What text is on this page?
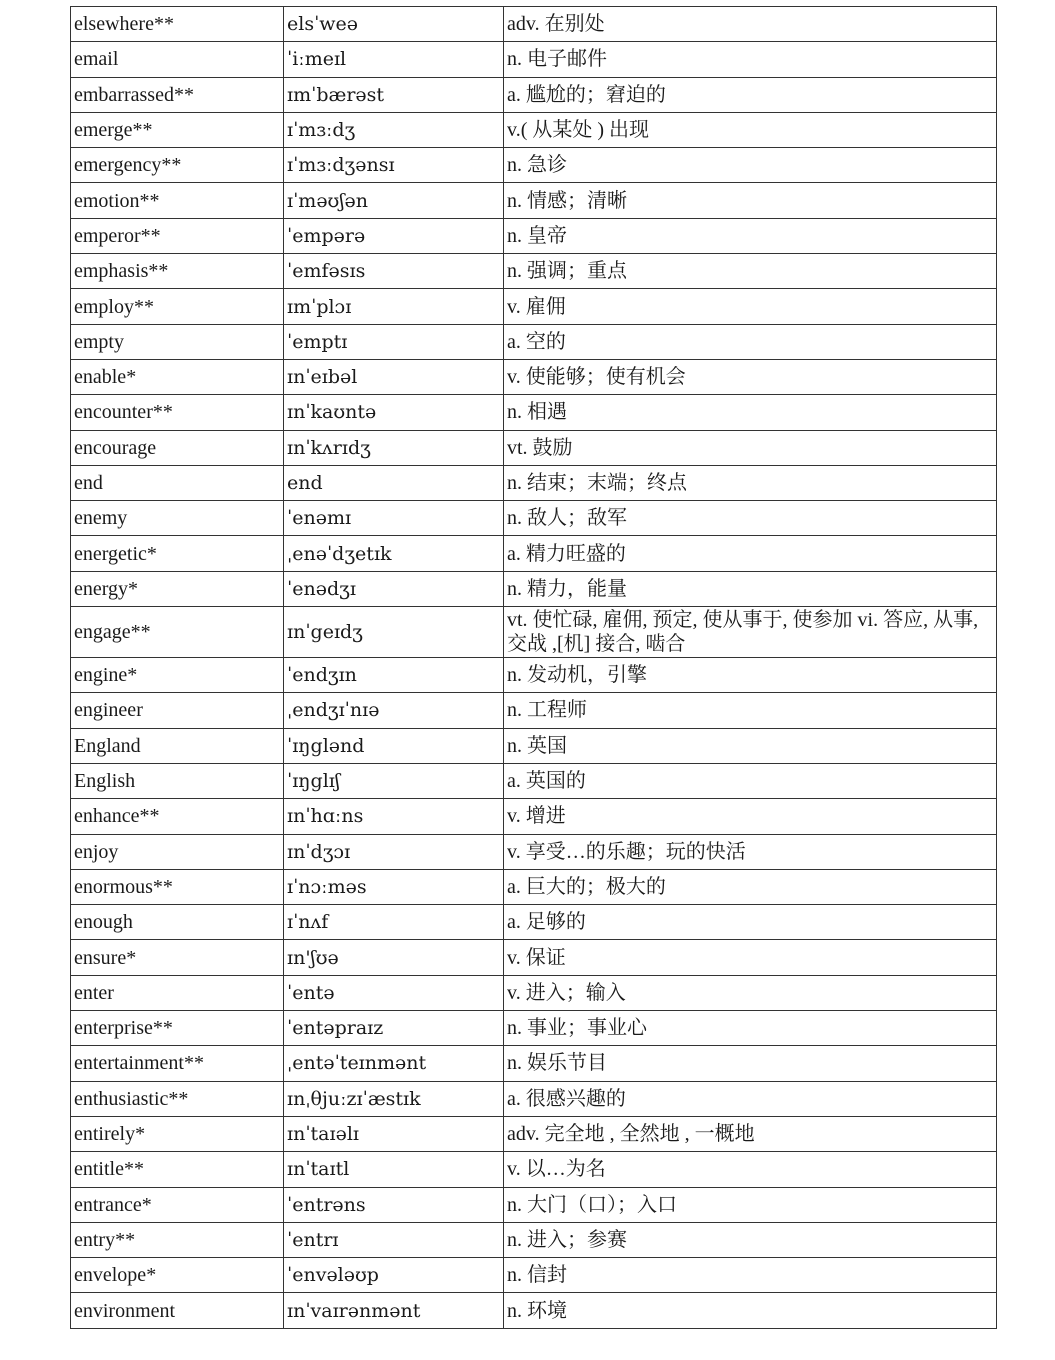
elsewhere**	elsˈweə	adv. 在别处
email	ˈiːmeɪl	n. 电子邮件
embarrassed**	ɪmˈbærəst	a. 尴尬的；窘迫的
emerge**	ɪˈmɜːdʒ	v.( 从某处 ) 出现
emergency**	ɪˈmɜːdʒənsɪ	n. 急诊
emotion**	ɪˈməʊʃən	n. 情感；清晰
emperor**	ˈempərə	n. 皇帝
emphasis**	ˈemfəsɪs	n. 强调；重点
employ**	ɪmˈplɔɪ	v. 雇佣
empty	ˈemptɪ	a. 空的
enable*	ɪnˈeɪbəl	v. 使能够；使有机会
encounter**	ɪnˈkaʊntə	n. 相遇
encourage	ɪnˈkʌrɪdʒ	vt. 鼓励
end	end	n. 结束；末端；终点
enemy	ˈenəmɪ	n. 敌人；敌军
energetic*	ˌenəˈdʒetɪk	a. 精力旺盛的
energy*	ˈenədʒɪ	n. 精力，能量
engage**	ɪnˈgeɪdʒ	vt. 使忙碌, 雇佣, 预定, 使从事于, 使参加 vi. 答应, 从事, 交战 ,[机] 接合, 啮合
engine*	ˈendʒɪn	n. 发动机，引擎
engineer	ˌendʒɪˈnɪə	n. 工程师
England	ˈɪŋglənd	n. 英国
English	ˈɪŋglɪʃ	a. 英国的
enhance**	ɪnˈhɑːns	v. 增进
enjoy	ɪnˈdʒɔɪ	v. 享受…的乐趣；玩的快活
enormous**	ɪˈnɔːməs	a. 巨大的；极大的
enough	ɪˈnʌf	a. 足够的
ensure*	ɪn'ʃʊə	v. 保证
enter	ˈentə	v. 进入；输入
enterprise**	ˈentəpraɪz	n. 事业；事业心
entertainment**	ˌentəˈteɪnmənt	n. 娱乐节目
enthusiastic**	ɪnˌθjuːzɪˈæstɪk	a. 很感兴趣的
entirely*	ɪnˈtaɪəlɪ	adv. 完全地 , 全然地 , 一概地
entitle**	ɪnˈtaɪtl	v. 以…为名
entrance*	ˈentrəns	n. 大门（口）；入口
entry**	ˈentrɪ	n. 进入；参赛
envelope*	ˈenvələʊp	n. 信封
environment	ɪnˈvaɪrənmənt	n. 环境
